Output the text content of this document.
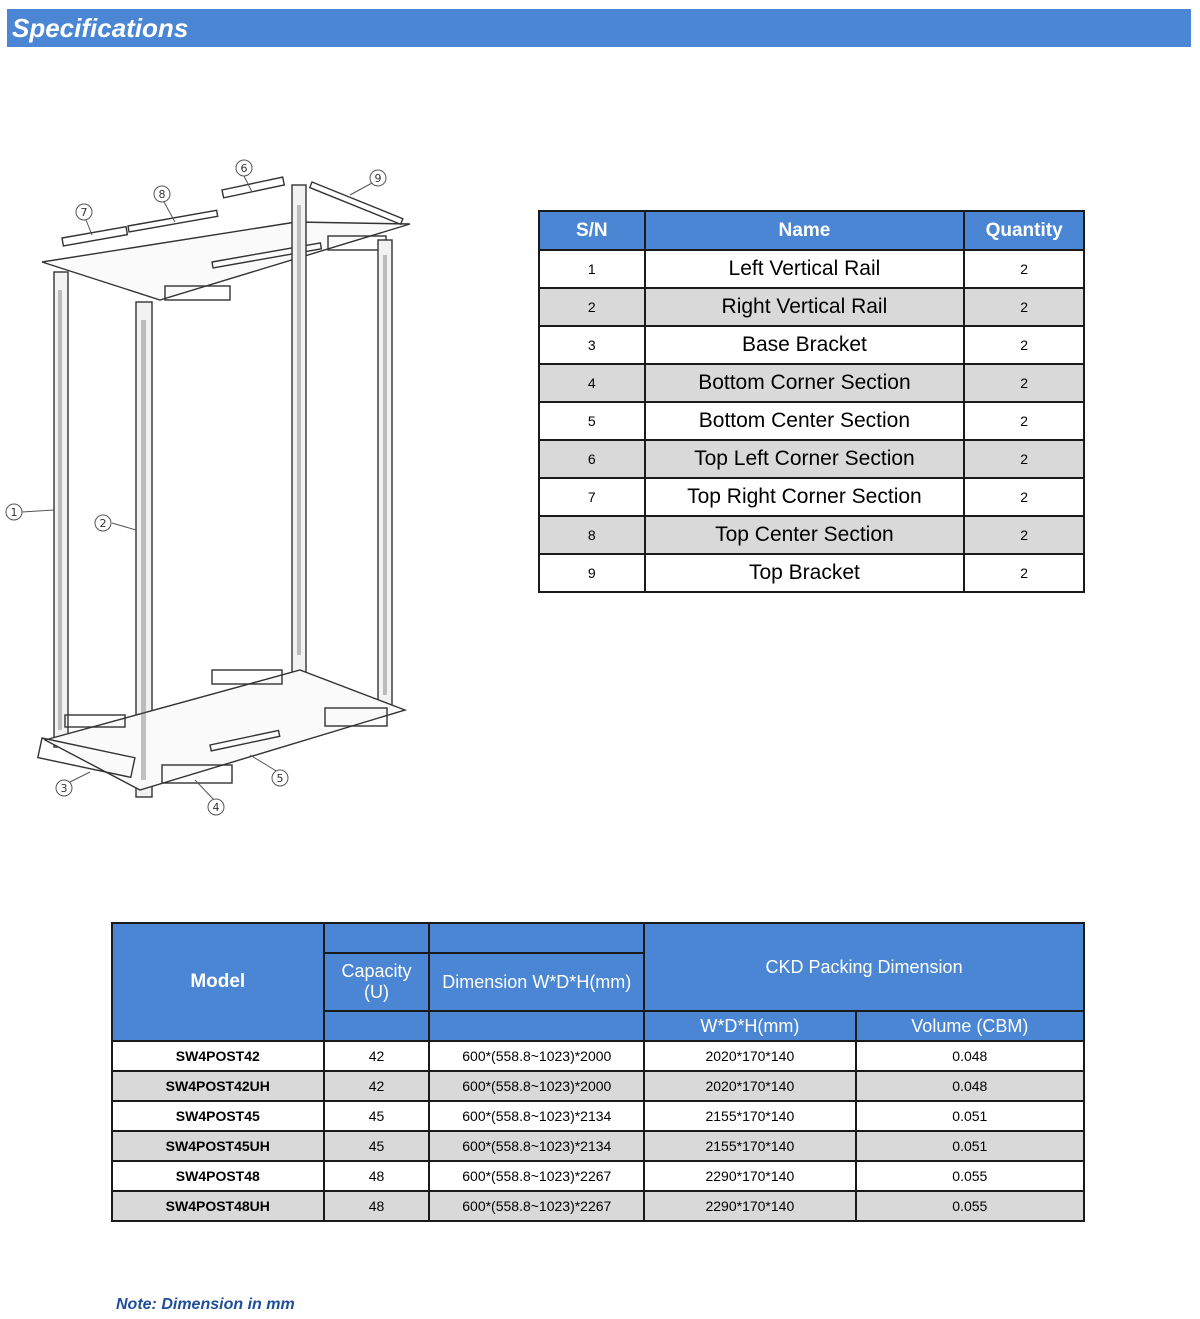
Specifications
1
2
3
4
5
6
7
8
9
S/N	Name	Quantity
1	Left Vertical Rail	2
2	Right Vertical Rail	2
3	Base Bracket	2
4	Bottom Corner Section	2
5	Bottom Center Section	2
6	Top Left Corner Section	2
7	Top Right Corner Section	2
8	Top Center Section	2
9	Top Bracket	2
Model			CKD Packing Dimension	
	Capacity (U)	Dimension W*D*H(mm)		
			W*D*H(mm)	Volume (CBM)
SW4POST42	42	600*(558.8~1023)*2000	2020*170*140	0.048
SW4POST42UH	42	600*(558.8~1023)*2000	2020*170*140	0.048
SW4POST45	45	600*(558.8~1023)*2134	2155*170*140	0.051
SW4POST45UH	45	600*(558.8~1023)*2134	2155*170*140	0.051
SW4POST48	48	600*(558.8~1023)*2267	2290*170*140	0.055
SW4POST48UH	48	600*(558.8~1023)*2267	2290*170*140	0.055
Note: Dimension in mm
